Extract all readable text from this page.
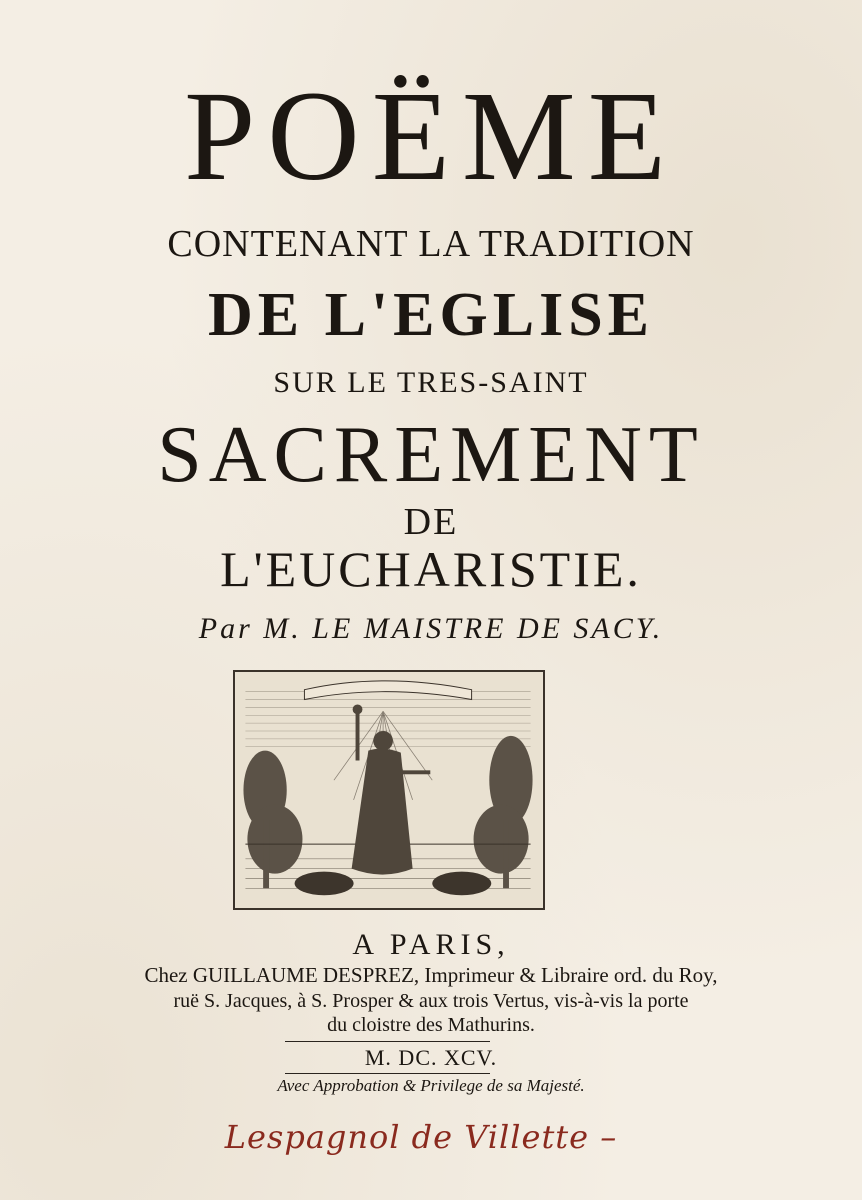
POËME
CONTENANT LA TRADITION
DE L'EGLISE
SUR LE TRES-SAINT
SACREMENT
DE
L'EUCHARISTIE.
Par M. LE MAISTRE DE SACY.
A PARIS,
Chez GUILLAUME DESPREZ, Imprimeur & Libraire ord. du Roy,
ruë S. Jacques, à S. Prosper & aux trois Vertus, vis-à-vis la porte
du cloistre des Mathurins.
M. DC. XCV.
Avec Approbation & Privilege de sa Majesté.
Lespagnol de Villette –
